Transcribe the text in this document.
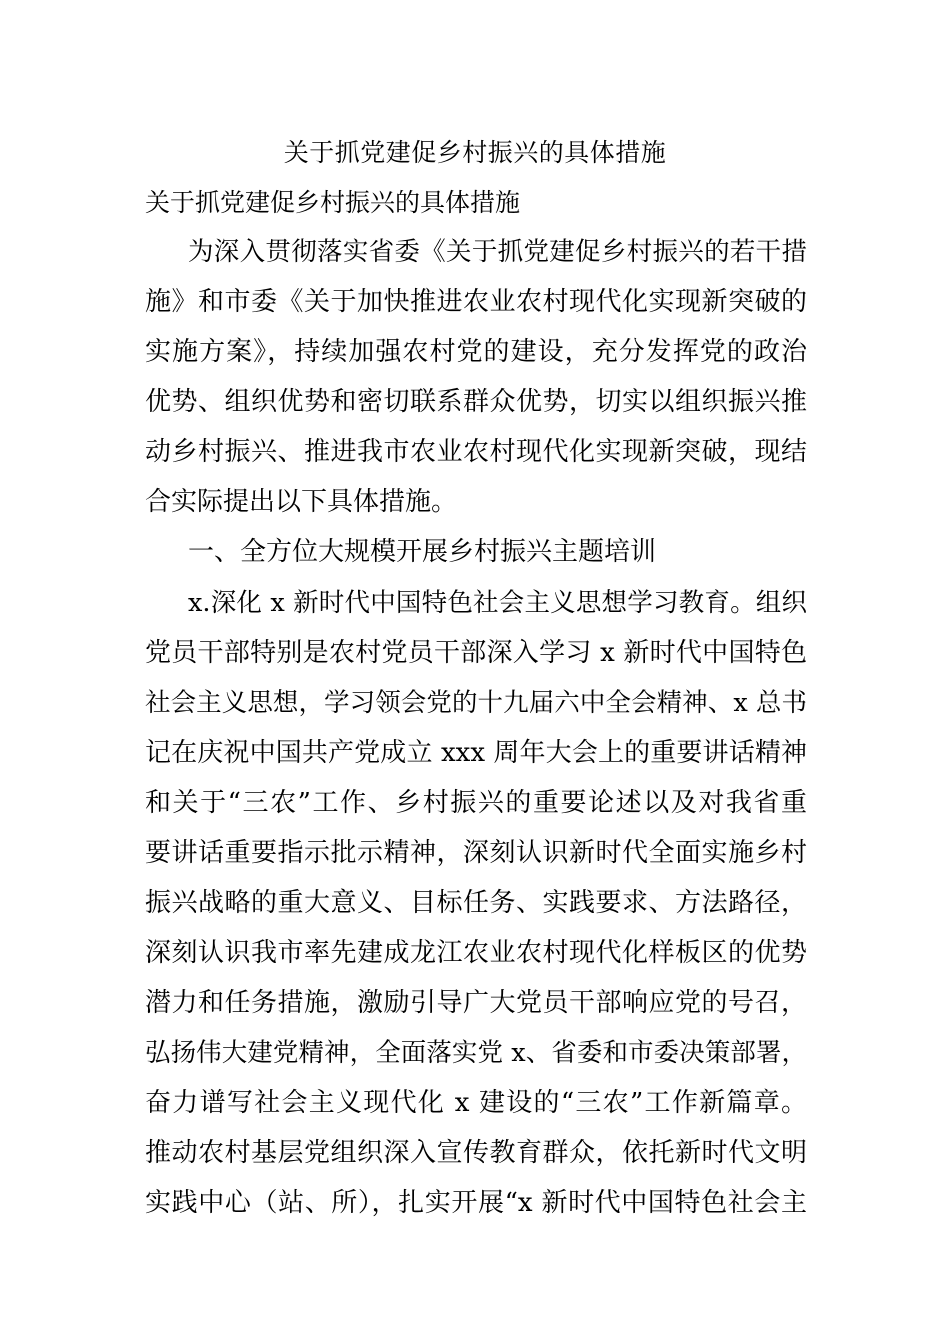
关于抓党建促乡村振兴的具体措施
关于抓党建促乡村振兴的具体措施
为深入贯彻落实省委《关于抓党建促乡村振兴的若干措
施》和市委《关于加快推进农业农村现代化实现新突破的
实施方案》，持续加强农村党的建设，充分发挥党的政治
优势、组织优势和密切联系群众优势，切实以组织振兴推
动乡村振兴、推进我市农业农村现代化实现新突破，现结
合实际提出以下具体措施。
一、全方位大规模开展乡村振兴主题培训
x.深化 x 新时代中国特色社会主义思想学习教育。组织
党员干部特别是农村党员干部深入学习 x 新时代中国特色
社会主义思想，学习领会党的十九届六中全会精神、x 总书
记在庆祝中国共产党成立 xxx 周年大会上的重要讲话精神
和关于“三农”工作、乡村振兴的重要论述以及对我省重
要讲话重要指示批示精神，深刻认识新时代全面实施乡村
振兴战略的重大意义、目标任务、实践要求、方法路径，
深刻认识我市率先建成龙江农业农村现代化样板区的优势
潜力和任务措施，激励引导广大党员干部响应党的号召，
弘扬伟大建党精神，全面落实党 x、省委和市委决策部署，
奋力谱写社会主义现代化 x 建设的“三农”工作新篇章。
推动农村基层党组织深入宣传教育群众，依托新时代文明
实践中心（站、所），扎实开展“x 新时代中国特色社会主
